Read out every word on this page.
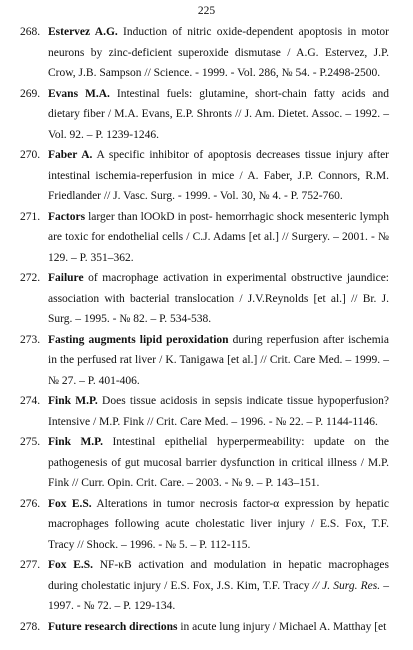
225
268. Estervez A.G. Induction of nitric oxide-dependent apoptosis in motor neurons by zinc-deficient superoxide dismutase / A.G. Estervez, J.P. Crow, J.B. Sampson // Science. - 1999. - Vol. 286, № 54. - P.2498-2500.
269. Evans M.A. Intestinal fuels: glutamine, short-chain fatty acids and dietary fiber / M.A. Evans, E.P. Shronts // J. Am. Dietet. Assoc. – 1992. – Vol. 92. – P. 1239-1246.
270. Faber A. A specific inhibitor of apoptosis decreases tissue injury after intestinal ischemia-reperfusion in mice / A. Faber, J.P. Connors, R.M. Friedlander // J. Vasc. Surg. - 1999. - Vol. 30, № 4. - P. 752-760.
271. Factors larger than lOOkD in post- hemorrhagic shock mesenteric lymph are toxic for endothelial cells / C.J. Adams [et al.] // Surgery. – 2001. - № 129. – P. 351–362.
272. Failure of macrophage activation in experimental obstructive jaundice: association with bacterial translocation / J.V.Reynolds [et al.] // Br. J. Surg. – 1995. - № 82. – P. 534-538.
273. Fasting augments lipid peroxidation during reperfusion after ischemia in the perfused rat liver / K. Tanigawa [et al.] // Crit. Care Med. – 1999. – № 27. – P. 401-406.
274. Fink M.P. Does tissue acidosis in sepsis indicate tissue hypoperfusion? Intensive / M.P. Fink // Crit. Care Med. – 1996. - № 22. – P. 1144-1146.
275. Fink M.P. Intestinal epithelial hyperpermeability: update on the pathogenesis of gut mucosal barrier dysfunction in critical illness / M.P. Fink // Curr. Opin. Crit. Care. – 2003. - № 9. – P. 143–151.
276. Fox E.S. Alterations in tumor necrosis factor-α expression by hepatic macrophages following acute cholestatic liver injury / E.S. Fox, T.F. Tracy // Shock. – 1996. - № 5. – P. 112-115.
277. Fox E.S. NF-κB activation and modulation in hepatic macrophages during cholestatic injury / E.S. Fox, J.S. Kim, T.F. Tracy // J. Surg. Res. – 1997. - № 72. – P. 129-134.
278. Future research directions in acute lung injury / Michael A. Matthay [et
